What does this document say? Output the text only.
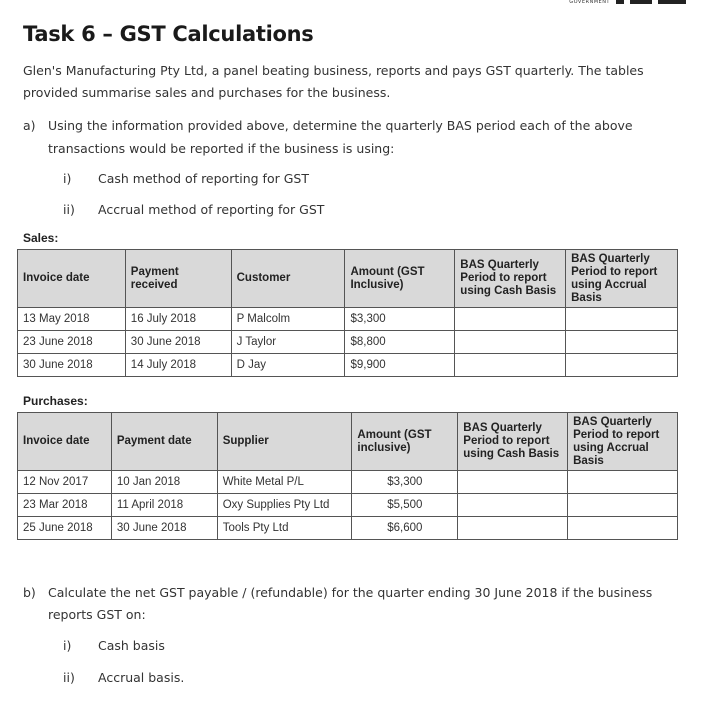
GOVERNMENT
Task 6 – GST Calculations
Glen's Manufacturing Pty Ltd, a panel beating business, reports and pays GST quarterly. The tables provided summarise sales and purchases for the business.
a) Using the information provided above, determine the quarterly BAS period each of the above transactions would be reported if the business is using:
i) Cash method of reporting for GST
ii) Accrual method of reporting for GST
Sales:
Invoice date	Payment received	Customer	Amount (GST Inclusive)	BAS Quarterly Period to report using Cash Basis	BAS Quarterly Period to report using Accrual Basis
13 May 2018	16 July 2018	P Malcolm	$3,300		
23 June 2018	30 June 2018	J Taylor	$8,800		
30 June 2018	14 July 2018	D Jay	$9,900		
Purchases:
Invoice date	Payment date	Supplier	Amount (GST inclusive)	BAS Quarterly Period to report using Cash Basis	BAS Quarterly Period to report using Accrual Basis
12 Nov 2017	10 Jan 2018	White Metal P/L	$3,300		
23 Mar 2018	11 April 2018	Oxy Supplies Pty Ltd	$5,500		
25 June 2018	30 June 2018	Tools Pty Ltd	$6,600		
b) Calculate the net GST payable / (refundable) for the quarter ending 30 June 2018 if the business reports GST on:
i) Cash basis
ii) Accrual basis.
